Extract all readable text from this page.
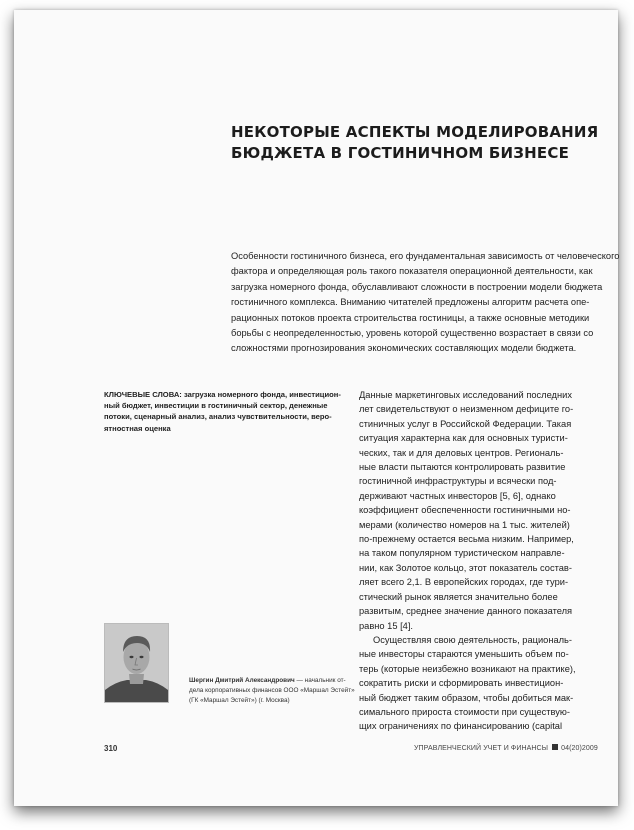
НЕКОТОРЫЕ АСПЕКТЫ МОДЕЛИРОВАНИЯ
БЮДЖЕТА В ГОСТИНИЧНОМ БИЗНЕСЕ
Особенности гостиничного бизнеса, его фундаментальная зависимость от человеческого
фактора и определяющая роль такого показателя операционной деятельности, как
загрузка номерного фонда, обуславливают сложности в построении модели бюджета
гостиничного комплекса. Вниманию читателей предложены алгоритм расчета опе-
рационных потоков проекта строительства гостиницы, а также основные методики
борьбы с неопределенностью, уровень которой существенно возрастает в связи со
сложностями прогнозирования экономических составляющих модели бюджета.
КЛЮЧЕВЫЕ СЛОВА: загрузка номерного фонда, инвестицион-
ный бюджет, инвестиции в гостиничный сектор, денежные
потоки, сценарный анализ, анализ чувствительности, веро-
ятностная оценка
Данные маркетинговых исследований последних
лет свидетельствуют о неизменном дефиците го-
стиничных услуг в Российской Федерации. Такая
ситуация характерна как для основных туристи-
ческих, так и для деловых центров. Региональ-
ные власти пытаются контролировать развитие
гостиничной инфраструктуры и всячески под-
держивают частных инвесторов [5, 6], однако
коэффициент обеспеченности гостиничными но-
мерами (количество номеров на 1 тыс. жителей)
по-прежнему остается весьма низким. Например,
на таком популярном туристическом направле-
нии, как Золотое кольцо, этот показатель состав-
ляет всего 2,1. В европейских городах, где тури-
стический рынок является значительно более
развитым, среднее значение данного показателя
равно 15 [4].
Осуществляя свою деятельность, рациональ-
ные инвесторы стараются уменьшить объем по-
терь (которые неизбежно возникают на практике),
сократить риски и сформировать инвестицион-
ный бюджет таким образом, чтобы добиться мак-
симального прироста стоимости при существую-
щих ограничениях по финансированию (capital
Шергин Дмитрий Александрович — начальник от-
дела корпоративных финансов ООО «Маршал Эстейт»
(ГК «Маршал Эстейт») (г. Москва)
310	УПРАВЛЕНЧЕСКИЙ УЧЕТ И ФИНАНСЫ 04(20)2009
